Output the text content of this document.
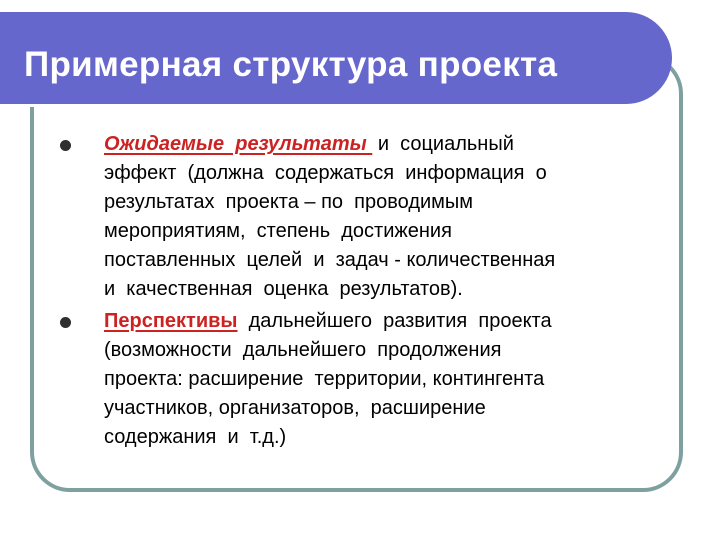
Примерная структура проекта
Ожидаемые  результаты  и  социальный
эффект  (должна  содержаться  информация  о
результатах  проекта – по  проводимым
мероприятиям,  степень  достижения
поставленных  целей  и  задач - количественная
и  качественная  оценка  результатов).
Перспективы  дальнейшего  развития  проекта
(возможности  дальнейшего  продолжения
проекта: расширение  территории, контингента
участников, организаторов,  расширение
содержания  и  т.д.)
